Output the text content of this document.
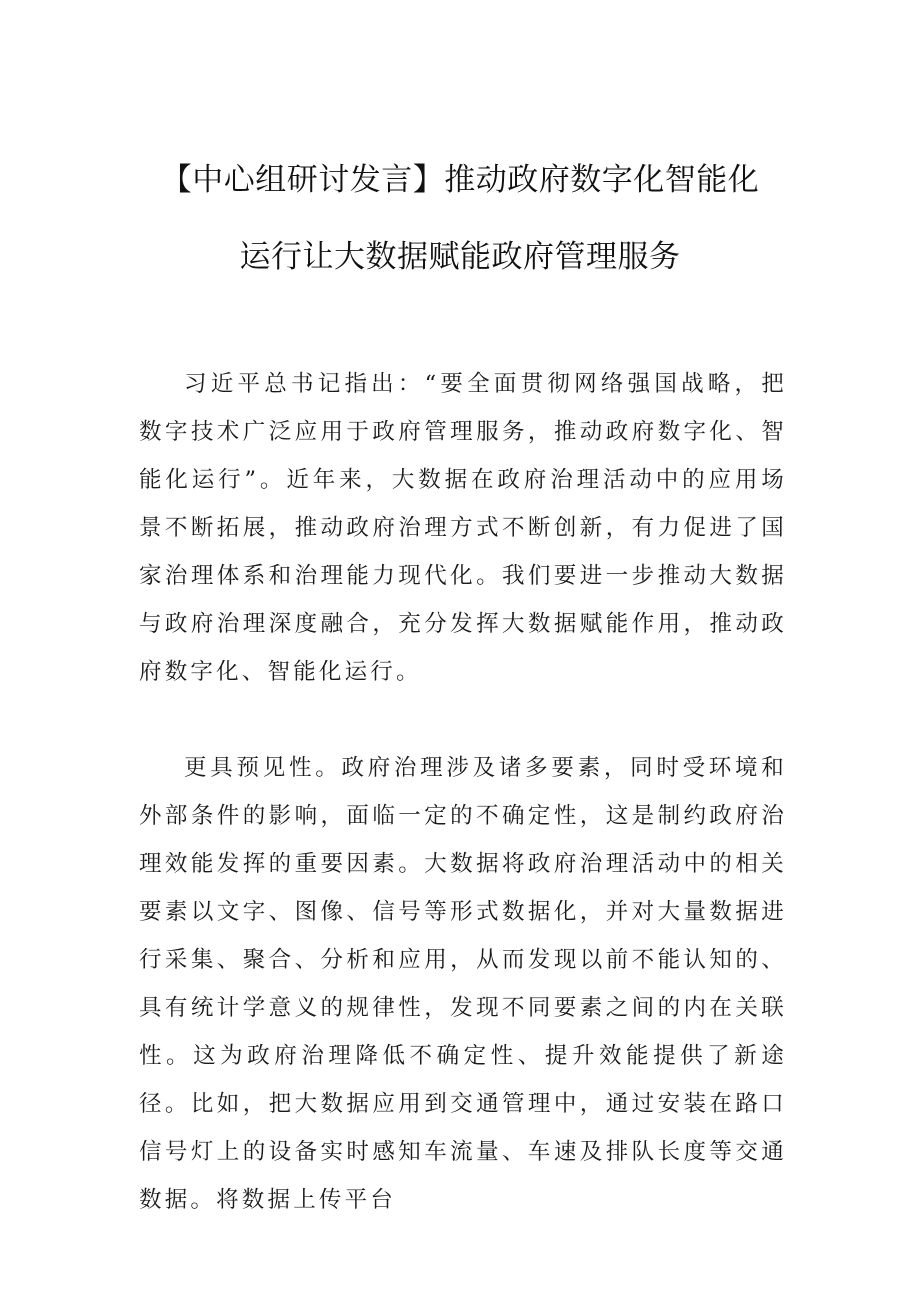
【中心组研讨发言】推动政府数字化智能化
运行让大数据赋能政府管理服务

习近平总书记指出：“要全面贯彻网络强国战略，把数字技术广泛应用于政府管理服务，推动政府数字化、智能化运行”。近年来，大数据在政府治理活动中的应用场景不断拓展，推动政府治理方式不断创新，有力促进了国家治理体系和治理能力现代化。我们要进一步推动大数据与政府治理深度融合，充分发挥大数据赋能作用，推动政府数字化、智能化运行。

更具预见性。政府治理涉及诸多要素，同时受环境和外部条件的影响，面临一定的不确定性，这是制约政府治理效能发挥的重要因素。大数据将政府治理活动中的相关要素以文字、图像、信号等形式数据化，并对大量数据进行采集、聚合、分析和应用，从而发现以前不能认知的、具有统计学意义的规律性，发现不同要素之间的内在关联性。这为政府治理降低不确定性、提升效能提供了新途径。比如，把大数据应用到交通管理中，通过安装在路口信号灯上的设备实时感知车流量、车速及排队长度等交通数据。将数据上传平台
